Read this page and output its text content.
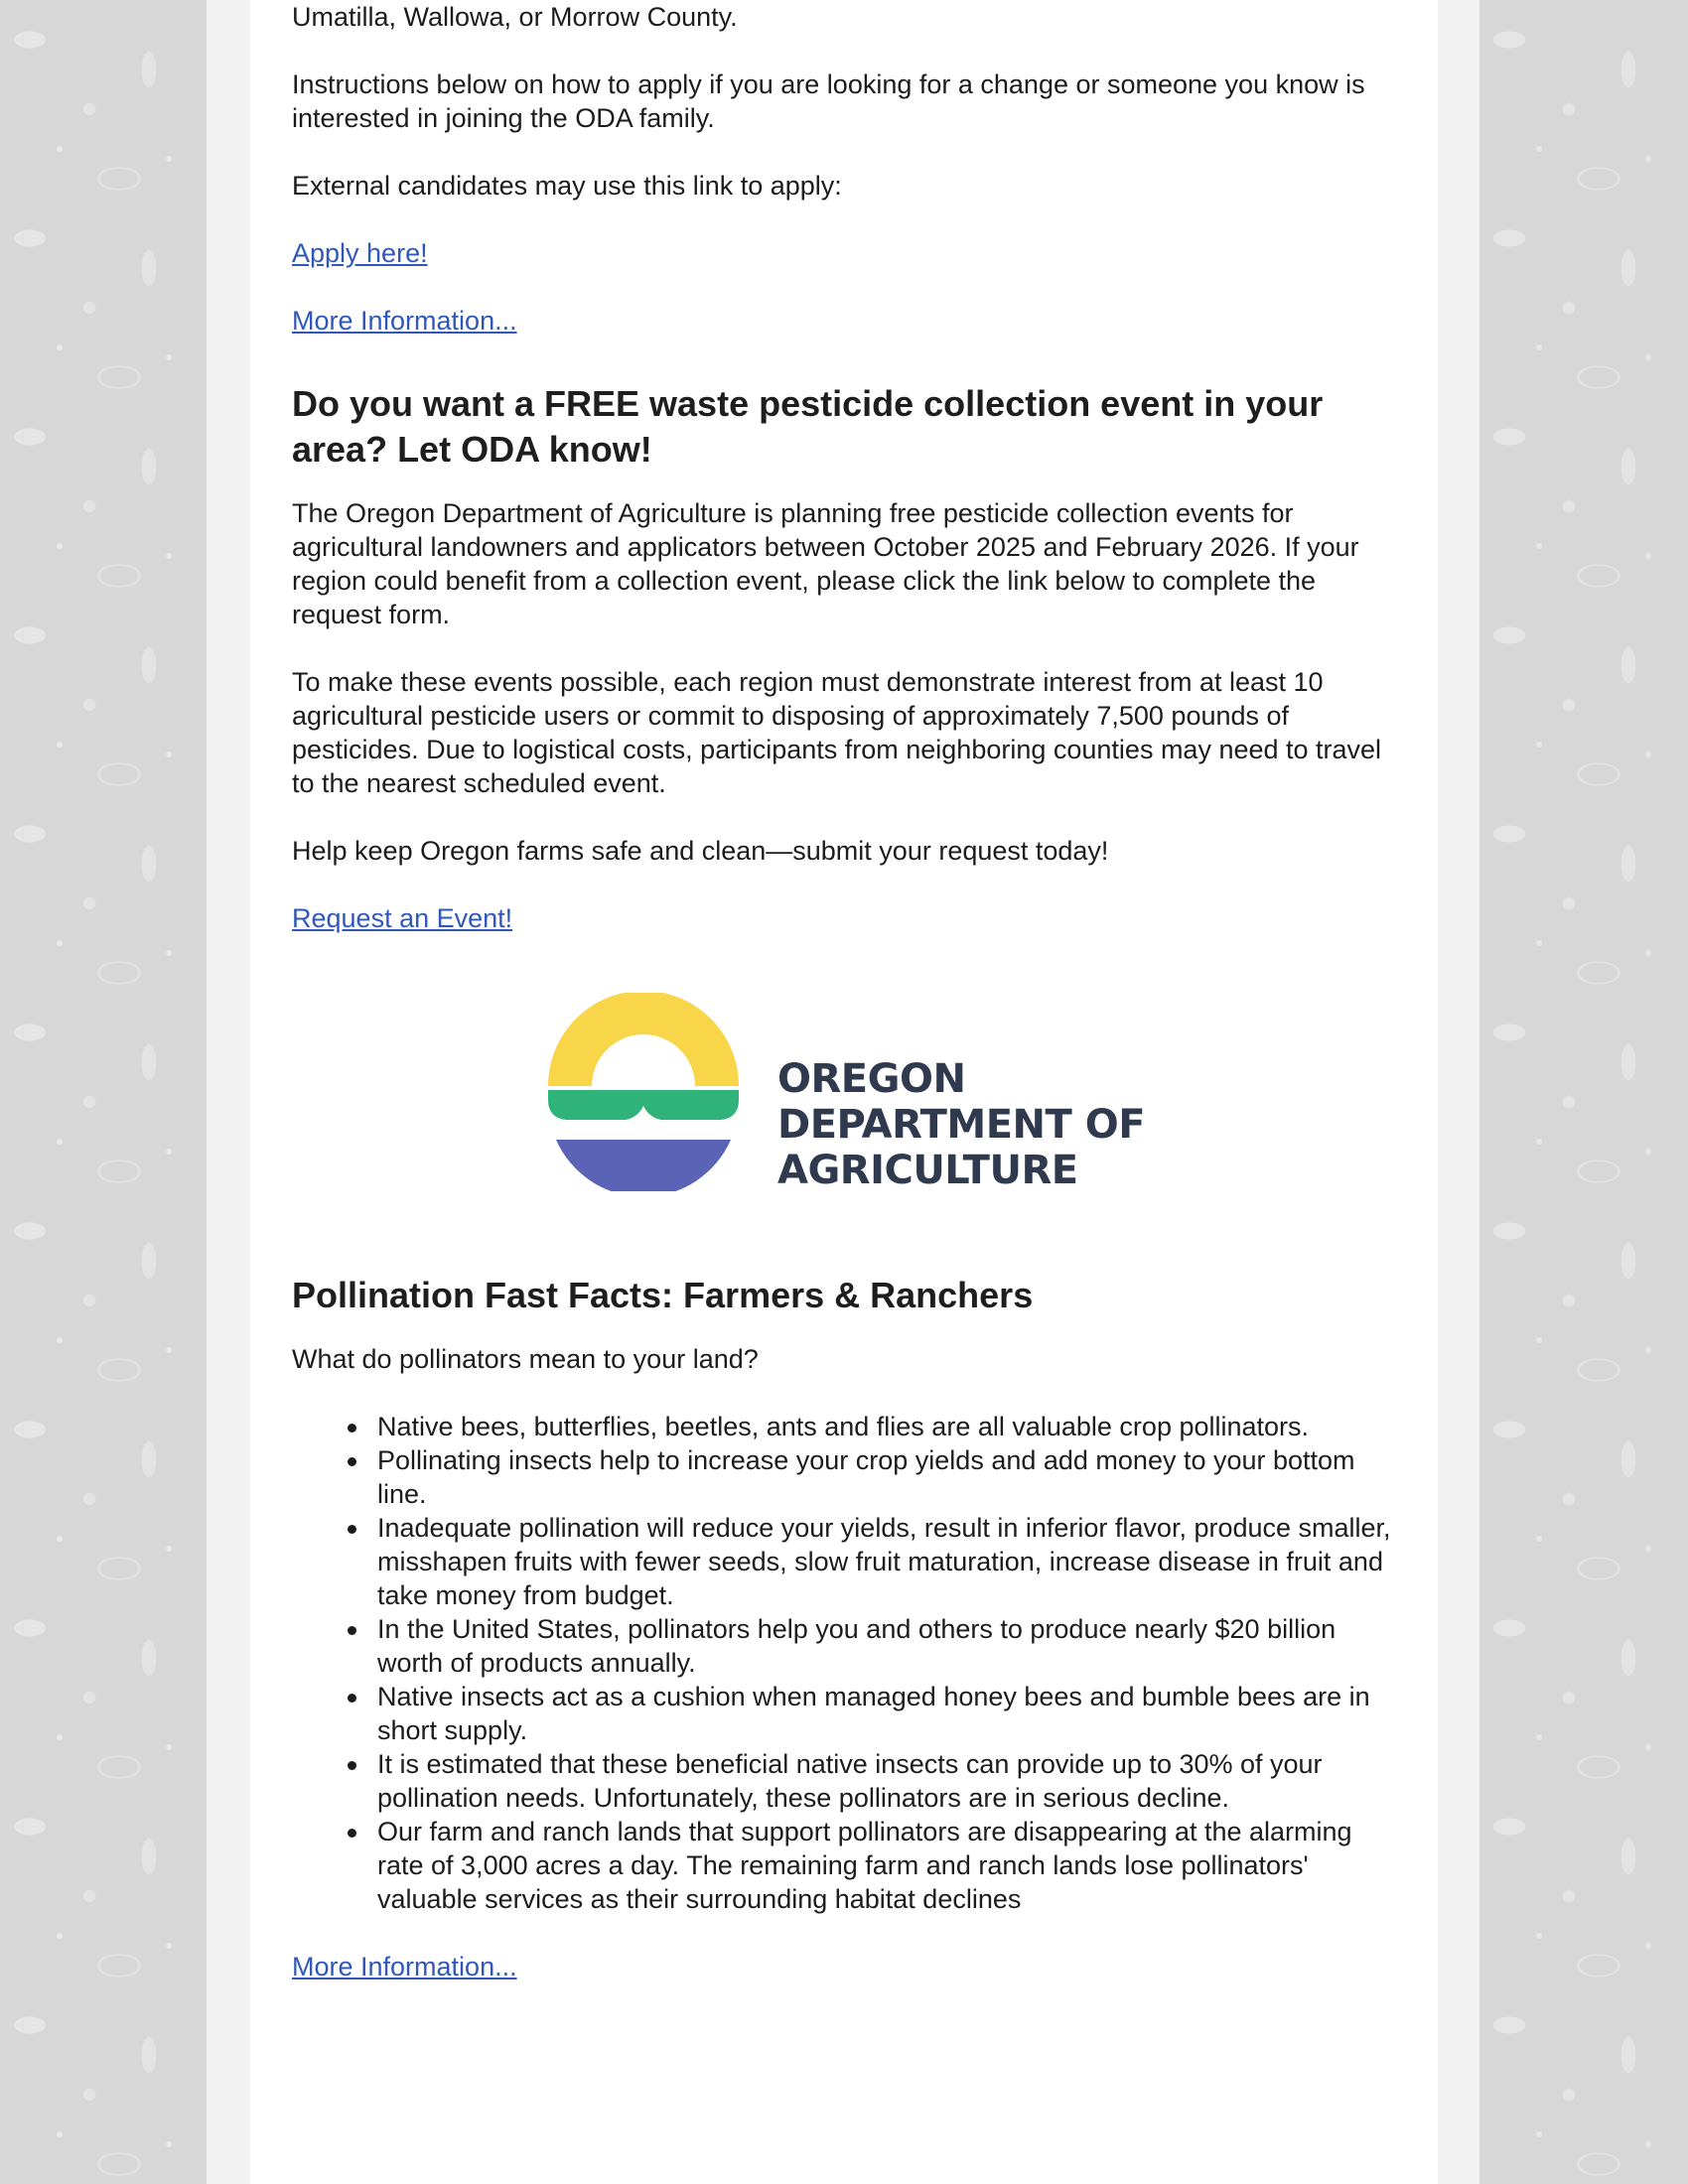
Umatilla, Wallowa, or Morrow County.

Instructions below on how to apply if you are looking for a change or someone you know is interested in joining the ODA family.

External candidates may use this link to apply:

Apply here!

More Information...

Do you want a FREE waste pesticide collection event in your area? Let ODA know!

The Oregon Department of Agriculture is planning free pesticide collection events for agricultural landowners and applicators between October 2025 and February 2026. If your region could benefit from a collection event, please click the link below to complete the request form.

To make these events possible, each region must demonstrate interest from at least 10 agricultural pesticide users or commit to disposing of approximately 7,500 pounds of pesticides. Due to logistical costs, participants from neighboring counties may need to travel to the nearest scheduled event.

Help keep Oregon farms safe and clean—submit your request today!

Request an Event!

OREGON
DEPARTMENT OF
AGRICULTURE
Pollination Fast Facts: Farmers & Ranchers

What do pollinators mean to your land?

Native bees, butterflies, beetles, ants and flies are all valuable crop pollinators.
Pollinating insects help to increase your crop yields and add money to your bottom line.
Inadequate pollination will reduce your yields, result in inferior flavor, produce smaller, misshapen fruits with fewer seeds, slow fruit maturation, increase disease in fruit and take money from budget.
In the United States, pollinators help you and others to produce nearly $20 billion worth of products annually.
Native insects act as a cushion when managed honey bees and bumble bees are in short supply.
It is estimated that these beneficial native insects can provide up to 30% of your pollination needs. Unfortunately, these pollinators are in serious decline.
Our farm and ranch lands that support pollinators are disappearing at the alarming rate of 3,000 acres a day. The remaining farm and ranch lands lose pollinators' valuable services as their surrounding habitat declines

More Information...
